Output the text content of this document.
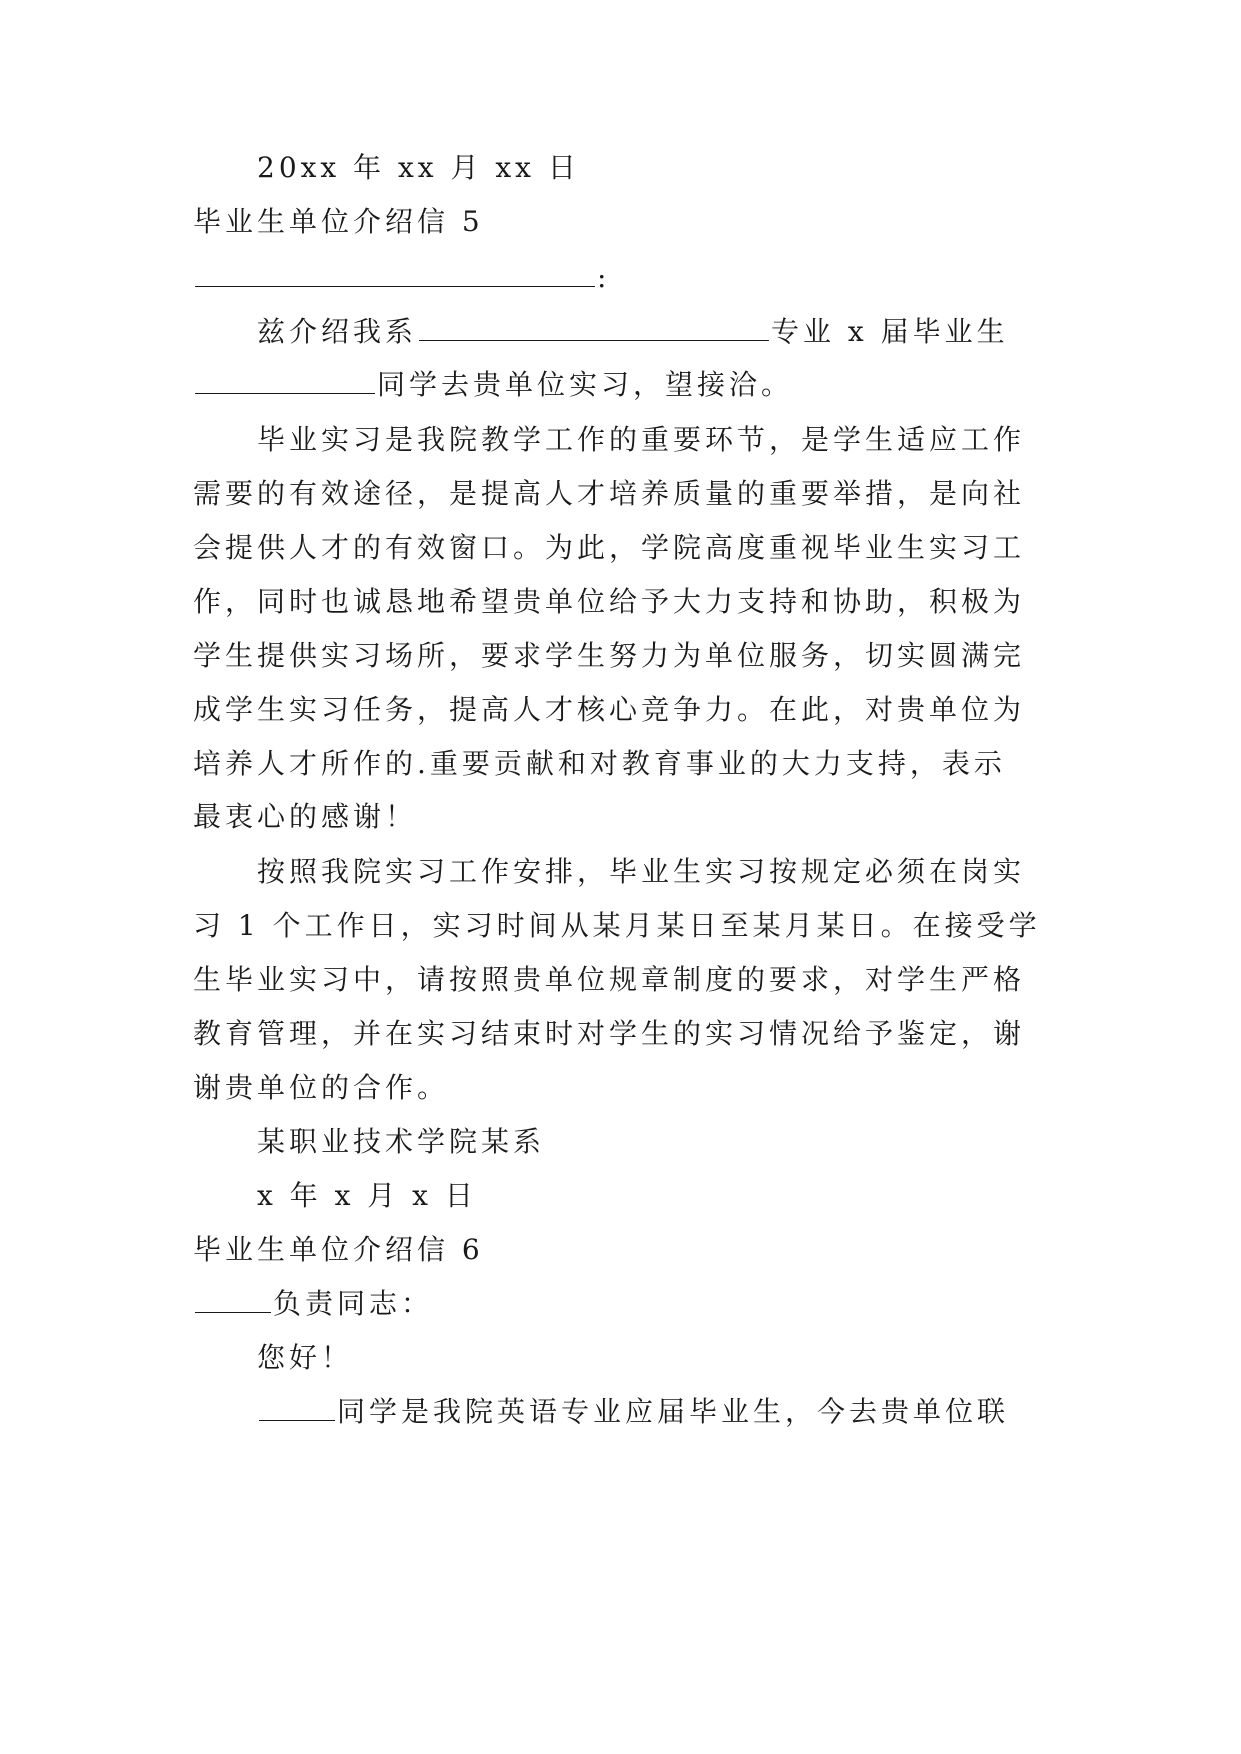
20xx 年 xx 月 xx 日
毕业生单位介绍信 5
:
兹介绍我系	专业 x 届毕业生
同学去贵单位实习，望接洽。
毕业实习是我院教学工作的重要环节，是学生适应工作
需要的有效途径，是提高人才培养质量的重要举措，是向社
会提供人才的有效窗口。为此，学院高度重视毕业生实习工
作，同时也诚恳地希望贵单位给予大力支持和协助，积极为
学生提供实习场所，要求学生努力为单位服务，切实圆满完
成学生实习任务，提高人才核心竞争力。在此，对贵单位为
培养人才所作的.重要贡献和对教育事业的大力支持，表示
最衷心的感谢！
按照我院实习工作安排，毕业生实习按规定必须在岗实
习 1 个工作日，实习时间从某月某日至某月某日。在接受学
生毕业实习中，请按照贵单位规章制度的要求，对学生严格
教育管理，并在实习结束时对学生的实习情况给予鉴定，谢
谢贵单位的合作。
某职业技术学院某系
x 年 x 月 x 日
毕业生单位介绍信 6
负责同志：
您好！
同学是我院英语专业应届毕业生，今去贵单位联
